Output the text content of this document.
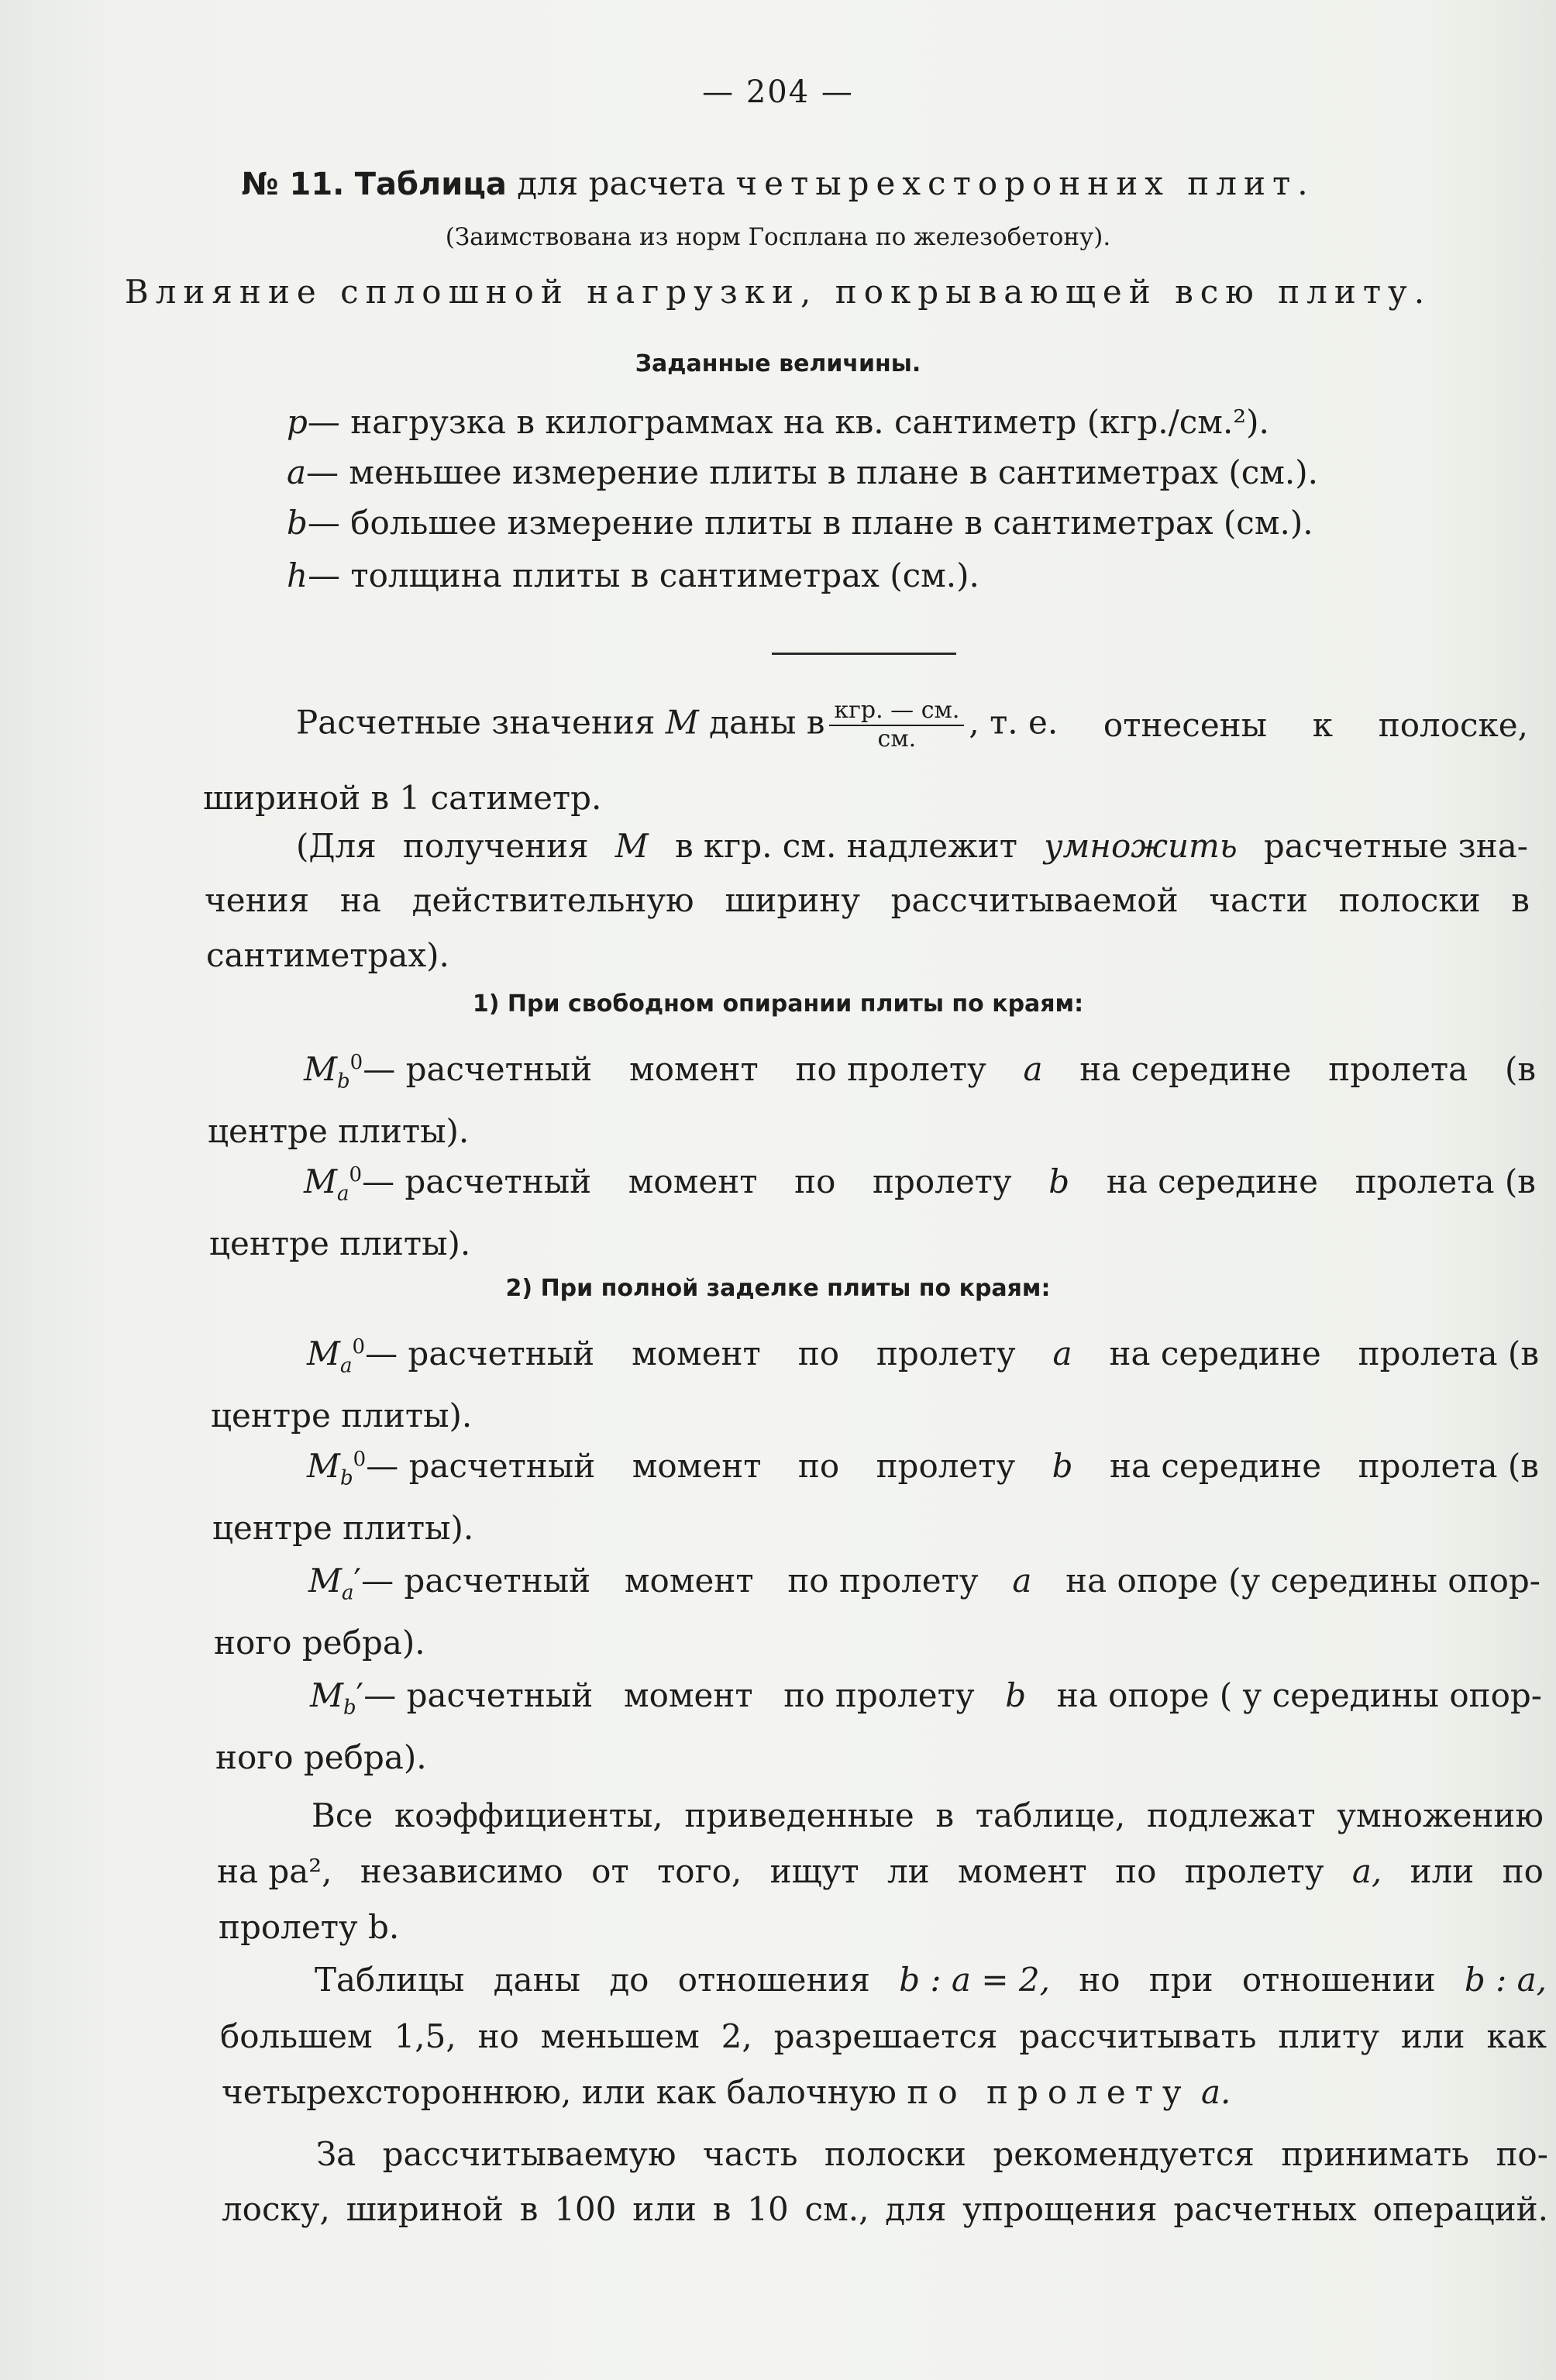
— 204 —
№ 11. Таблица для расчета четырехсторонних плит.
(Заимствована из норм Госплана по железобетону).
Влияние сплошной нагрузки, покрывающей всю плиту.
Заданные величины.
p— нагрузка в килограммах на кв. сантиметр (кгр./см.²).
a— меньшее измерение плиты в плане в сантиметрах (см.).
b— большее измерение плиты в плане в сантиметрах (см.).
h— толщина плиты в сантиметрах (см.).
Расчетные значения M даны в $\frac{\text{кгр. — см.}}{см.}$ , т. е. отнесены к полоске,
шириной в 1 сатиметр.
(Для получения M в кгр. см. надлежит умножить расчетные зна-
чения на действительную ширину рассчитываемой части полоски в
сантиметрах).
1) При свободном опирании плиты по краям:
$M_b^0—$ расчетный момент по пролету a на середине пролета (в
центре плиты).
$M_a^0—$ расчетный момент по пролету b на середине пролета (в
центре плиты).
2) При полной заделке плиты по краям:
$M_a^0—$ расчетный момент по пролету a на середине пролета (в
центре плиты).
$M_b^0—$ расчетный момент по пролету b на середине пролета (в
центре плиты).
$M_a'—$ расчетный момент по пролету a на опоре (у середины опор-
ного ребра).
$M_b'—$ расчетный момент по пролету b на опоре ( у середины опор-
ного ребра).
Все коэффициенты, приведенные в таблице, подлежат умножению
на pa², независимо от того, ищут ли момент по пролету a, или по
пролету b.
Таблицы даны до отношения b : a = 2, но при отношении b : a,
большем 1,5, но меньшем 2, разрешается рассчитывать плиту или как
четырехстороннюю, или как балочную по пролету a.
За рассчитываемую часть полоски рекомендуется принимать по-
лоску, шириной в 100 или в 10 см., для упрощения расчетных операций.
